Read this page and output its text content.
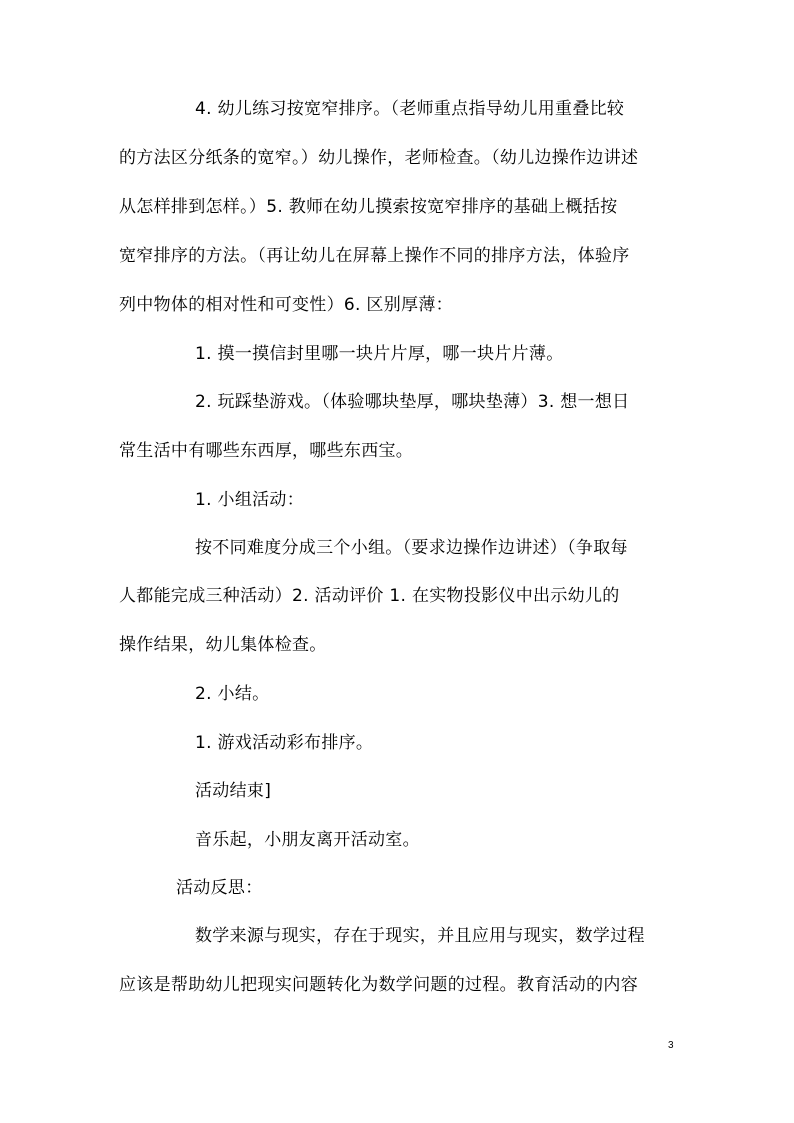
4. 幼儿练习按宽窄排序。（老师重点指导幼儿用重叠比较
的方法区分纸条的宽窄。）幼儿操作，老师检查。（幼儿边操作边讲述
从怎样排到怎样。）5. 教师在幼儿摸索按宽窄排序的基础上概括按
宽窄排序的方法。（再让幼儿在屏幕上操作不同的排序方法，体验序
列中物体的相对性和可变性）6. 区别厚薄：
1. 摸一摸信封里哪一块片片厚，哪一块片片薄。
2. 玩踩垫游戏。（体验哪块垫厚，哪块垫薄）3. 想一想日
常生活中有哪些东西厚，哪些东西宝。
1. 小组活动：
按不同难度分成三个小组。（要求边操作边讲述）（争取每
人都能完成三种活动）2. 活动评价 1. 在实物投影仪中出示幼儿的
操作结果，幼儿集体检查。
2. 小结。
1. 游戏活动彩布排序。
活动结束]
音乐起，小朋友离开活动室。
活动反思：
数学来源与现实，存在于现实，并且应用与现实，数学过程
应该是帮助幼儿把现实问题转化为数学问题的过程。教育活动的内容
3
